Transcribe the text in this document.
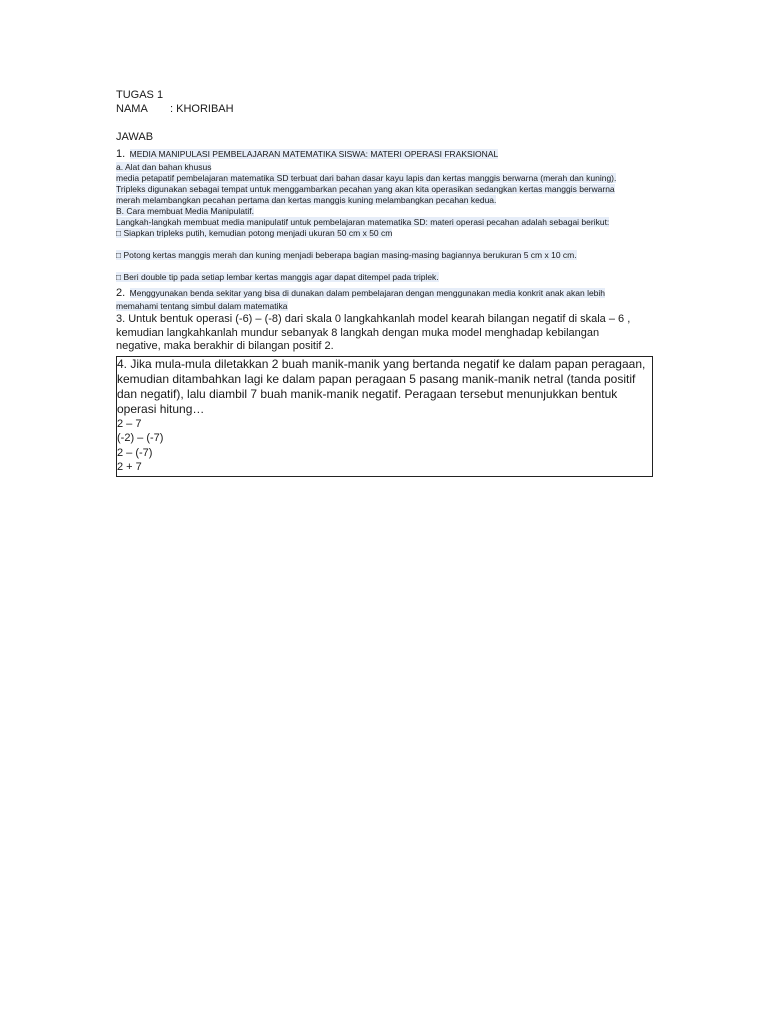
TUGAS 1
NAMA	: KHORIBAH
JAWAB
1. MEDIA MANIPULASI PEMBELAJARAN MATEMATIKA SISWA: MATERI OPERASI FRAKSIONAL
a. Alat dan bahan khusus
media petapatif pembelajaran matematika SD terbuat dari bahan dasar kayu lapis dan kertas manggis berwarna (merah dan kuning).
Tripleks digunakan sebagai tempat untuk menggambarkan pecahan yang akan kita operasikan sedangkan kertas manggis berwarna
merah melambangkan pecahan pertama dan kertas manggis kuning melambangkan pecahan kedua.
B. Cara membuat Media Manipulatif.
Langkah-langkah membuat media manipulatif untuk pembelajaran matematika SD: materi operasi pecahan adalah sebagai berikut:
□ Siapkan tripleks putih, kemudian potong menjadi ukuran 50 cm x 50 cm
□ Potong kertas manggis merah dan kuning menjadi beberapa bagian masing-masing bagiannya berukuran 5 cm x 10 cm.
□ Beri double tip pada setiap lembar kertas manggis agar dapat ditempel pada triplek.
2. Menggyunakan benda sekitar yang bisa di dunakan dalam pembelajaran dengan menggunakan media konkrit anak akan lebih
memahami tentang simbul dalam matematika
3. Untuk bentuk operasi (-6) – (-8) dari skala 0 langkahkanlah model kearah bilangan negatif di skala – 6 , kemudian langkahkanlah mundur sebanyak 8 langkah dengan muka model menghadap kebilangan negative, maka berakhir di bilangan positif 2.
4. Jika mula-mula diletakkan 2 buah manik-manik yang bertanda negatif ke dalam papan peragaan, kemudian ditambahkan lagi ke dalam papan peragaan 5 pasang manik-manik netral (tanda positif dan negatif), lalu diambil 7 buah manik-manik negatif. Peragaan tersebut menunjukkan bentuk operasi hitung…
2 – 7
(-2) – (-7)
2 – (-7)
2 + 7
